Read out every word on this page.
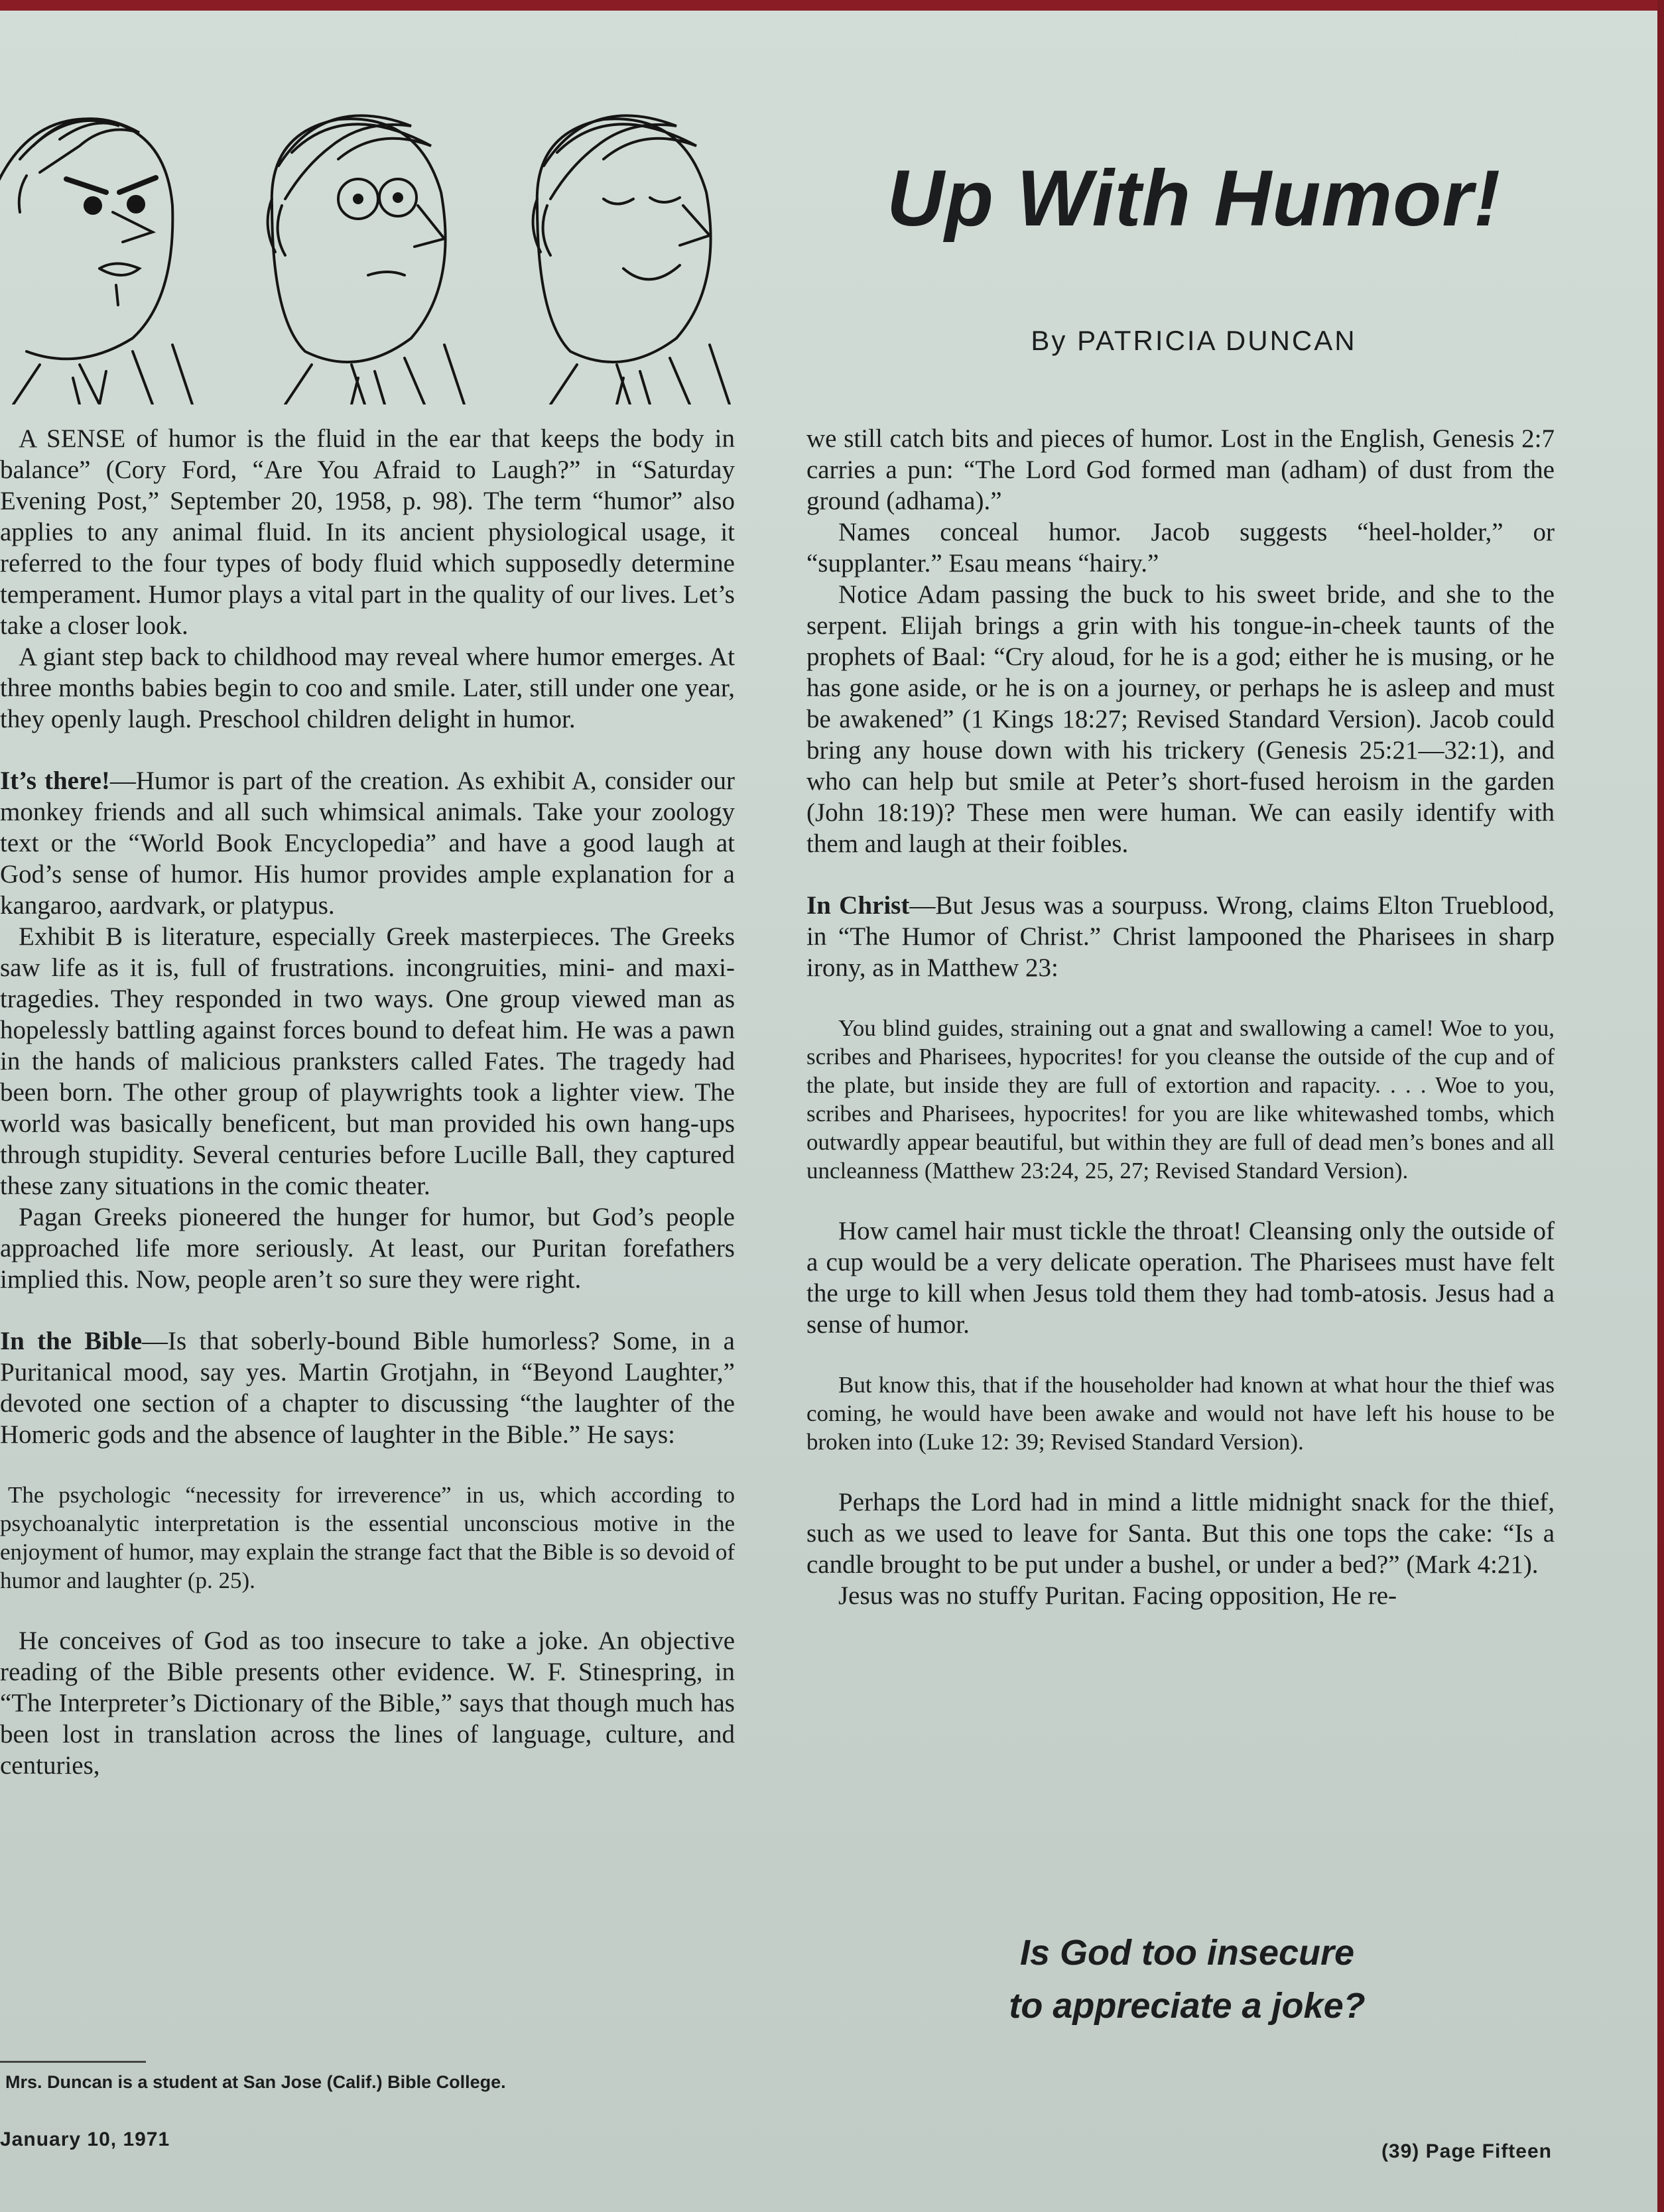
Up With Humor!
By PATRICIA DUNCAN

A SENSE of humor is the fluid in the ear that keeps the body in balance” (Cory Ford, “Are You Afraid to Laugh?” in “Saturday Evening Post,” September 20, 1958, p. 98). The term “humor” also applies to any animal fluid. In its ancient physiological usage, it referred to the four types of body fluid which supposedly determine temperament. Humor plays a vital part in the quality of our lives. Let’s take a closer look.

A giant step back to childhood may reveal where humor emerges. At three months babies begin to coo and smile. Later, still under one year, they openly laugh. Preschool children delight in humor.

It’s there!—Humor is part of the creation. As exhibit A, consider our monkey friends and all such whimsical animals. Take your zoology text or the “World Book Encyclopedia” and have a good laugh at God’s sense of humor. His humor provides ample explanation for a kangaroo, aardvark, or platypus.

Exhibit B is literature, especially Greek masterpieces. The Greeks saw life as it is, full of frustrations. incongruities, mini- and maxi-tragedies. They responded in two ways. One group viewed man as hopelessly battling against forces bound to defeat him. He was a pawn in the hands of malicious pranksters called Fates. The tragedy had been born. The other group of playwrights took a lighter view. The world was basically beneficent, but man provided his own hang-ups through stupidity. Several centuries before Lucille Ball, they captured these zany situations in the comic theater.

Pagan Greeks pioneered the hunger for humor, but God’s people approached life more seriously. At least, our Puritan forefathers implied this. Now, people aren’t so sure they were right.

In the Bible—Is that soberly-bound Bible humorless? Some, in a Puritanical mood, say yes. Martin Grotjahn, in “Beyond Laughter,” devoted one section of a chapter to discussing “the laughter of the Homeric gods and the absence of laughter in the Bible.” He says:

The psychologic “necessity for irreverence” in us, which according to psychoanalytic interpretation is the essential unconscious motive in the enjoyment of humor, may explain the strange fact that the Bible is so devoid of humor and laughter (p. 25).

He conceives of God as too insecure to take a joke. An objective reading of the Bible presents other evidence. W. F. Stinespring, in “The Interpreter’s Dictionary of the Bible,” says that though much has been lost in translation across the lines of language, culture, and centuries,

we still catch bits and pieces of humor. Lost in the English, Genesis 2:7 carries a pun: “The Lord God formed man (adham) of dust from the ground (adhama).”

Names conceal humor. Jacob suggests “heel-holder,” or “supplanter.” Esau means “hairy.”

Notice Adam passing the buck to his sweet bride, and she to the serpent. Elijah brings a grin with his tongue-in-cheek taunts of the prophets of Baal: “Cry aloud, for he is a god; either he is musing, or he has gone aside, or he is on a journey, or perhaps he is asleep and must be awakened” (1 Kings 18:27; Revised Standard Version). Jacob could bring any house down with his trickery (Genesis 25:21—32:1), and who can help but smile at Peter’s short-fused heroism in the garden (John 18:19)? These men were human. We can easily identify with them and laugh at their foibles.

In Christ—But Jesus was a sourpuss. Wrong, claims Elton Trueblood, in “The Humor of Christ.” Christ lampooned the Pharisees in sharp irony, as in Matthew 23:

You blind guides, straining out a gnat and swallowing a camel! Woe to you, scribes and Pharisees, hypocrites! for you cleanse the outside of the cup and of the plate, but inside they are full of extortion and rapacity. . . . Woe to you, scribes and Pharisees, hypocrites! for you are like whitewashed tombs, which outwardly appear beautiful, but within they are full of dead men’s bones and all uncleanness (Matthew 23:24, 25, 27; Revised Standard Version).

How camel hair must tickle the throat! Cleansing only the outside of a cup would be a very delicate operation. The Pharisees must have felt the urge to kill when Jesus told them they had tomb-atosis. Jesus had a sense of humor.

But know this, that if the householder had known at what hour the thief was coming, he would have been awake and would not have left his house to be broken into (Luke 12: 39; Revised Standard Version).

Perhaps the Lord had in mind a little midnight snack for the thief, such as we used to leave for Santa. But this one tops the cake: “Is a candle brought to be put under a bushel, or under a bed?” (Mark 4:21).

Jesus was no stuffy Puritan. Facing opposition, He re-

Is God too insecure
to appreciate a joke?
Mrs. Duncan is a student at San Jose (Calif.) Bible College.
January 10, 1971
(39) Page Fifteen
